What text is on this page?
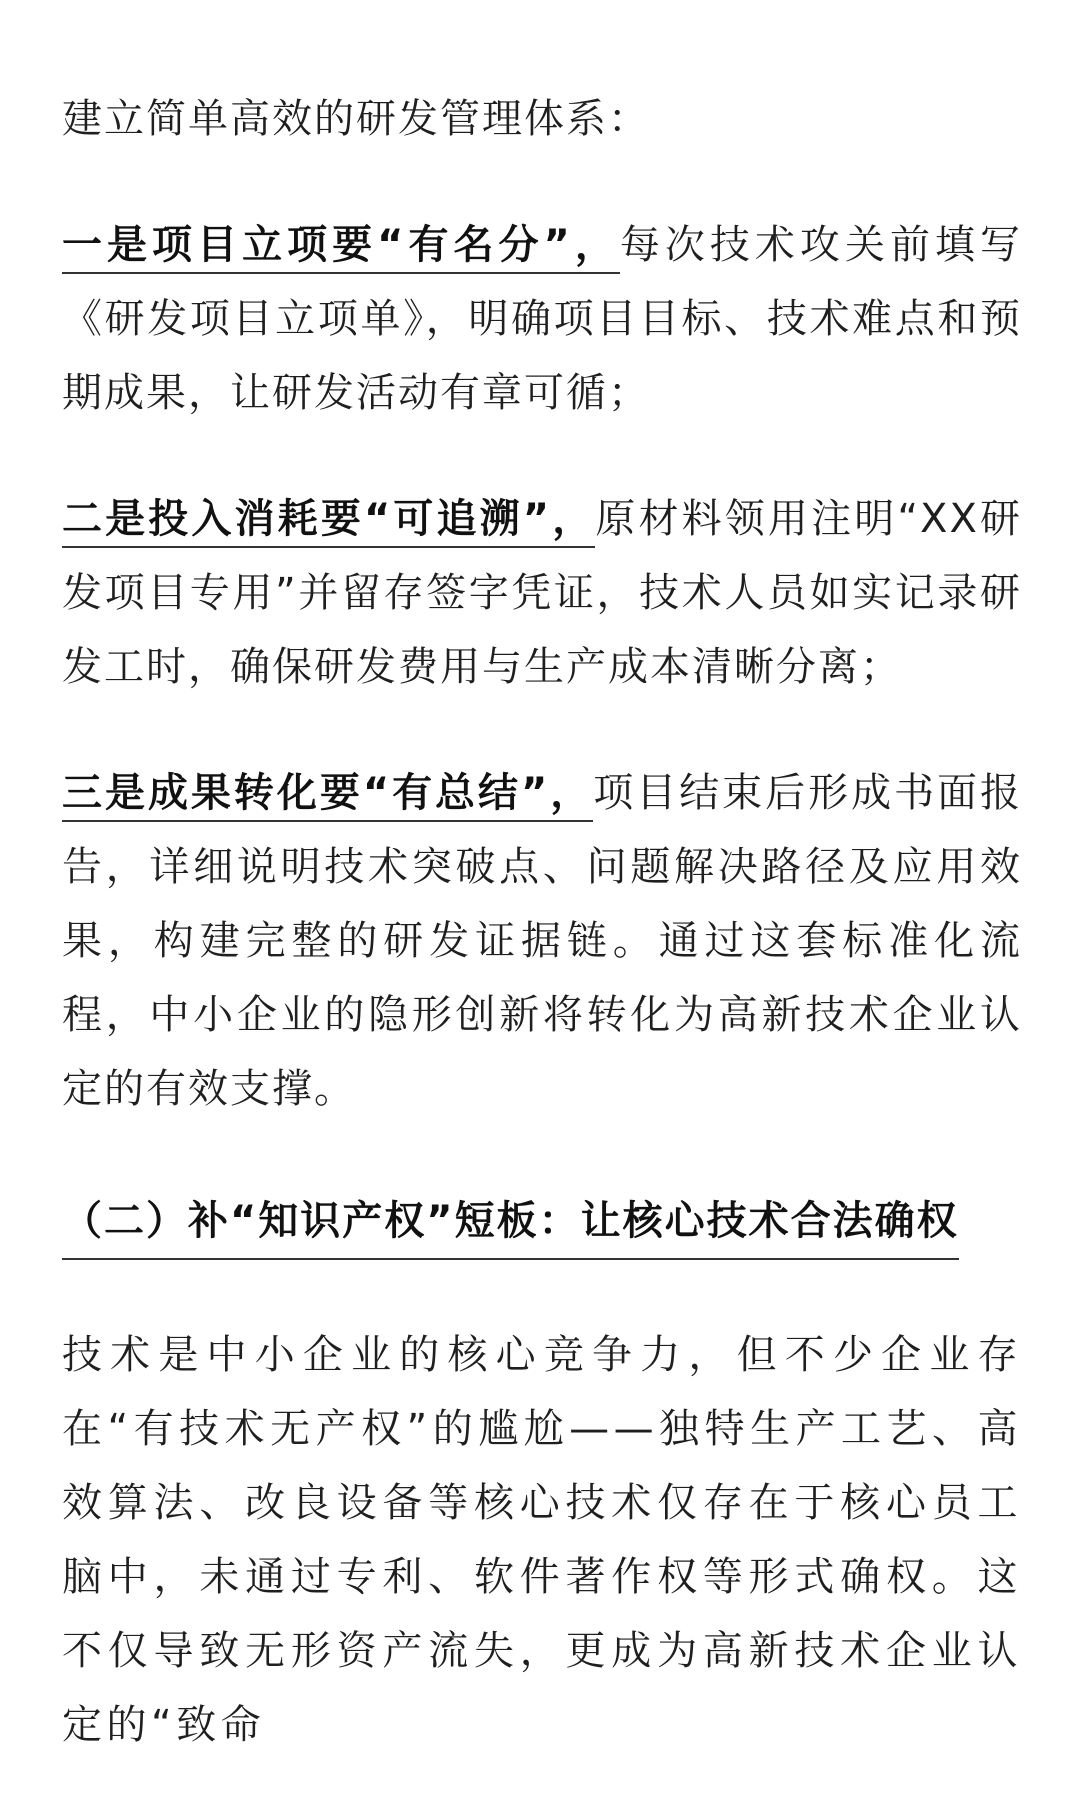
建立简单高效的研发管理体系：

一是项目立项要“有名分”，每次技术攻关前填写《研发项目立项单》，明确项目目标、技术难点和预期成果，让研发活动有章可循；

二是投入消耗要“可追溯”，原材料领用注明“XX研发项目专用”并留存签字凭证，技术人员如实记录研发工时，确保研发费用与生产成本清晰分离；

三是成果转化要“有总结”，项目结束后形成书面报告，详细说明技术突破点、问题解决路径及应用效果，构建完整的研发证据链。通过这套标准化流程，中小企业的隐形创新将转化为高新技术企业认定的有效支撑。

（二）补“知识产权”短板：让核心技术合法确权

技术是中小企业的核心竞争力，但不少企业存在“有技术无产权”的尴尬——独特生产工艺、高效算法、改良设备等核心技术仅存在于核心员工脑中，未通过专利、软件著作权等形式确权。这不仅导致无形资产流失，更成为高新技术企业认定的“致命
